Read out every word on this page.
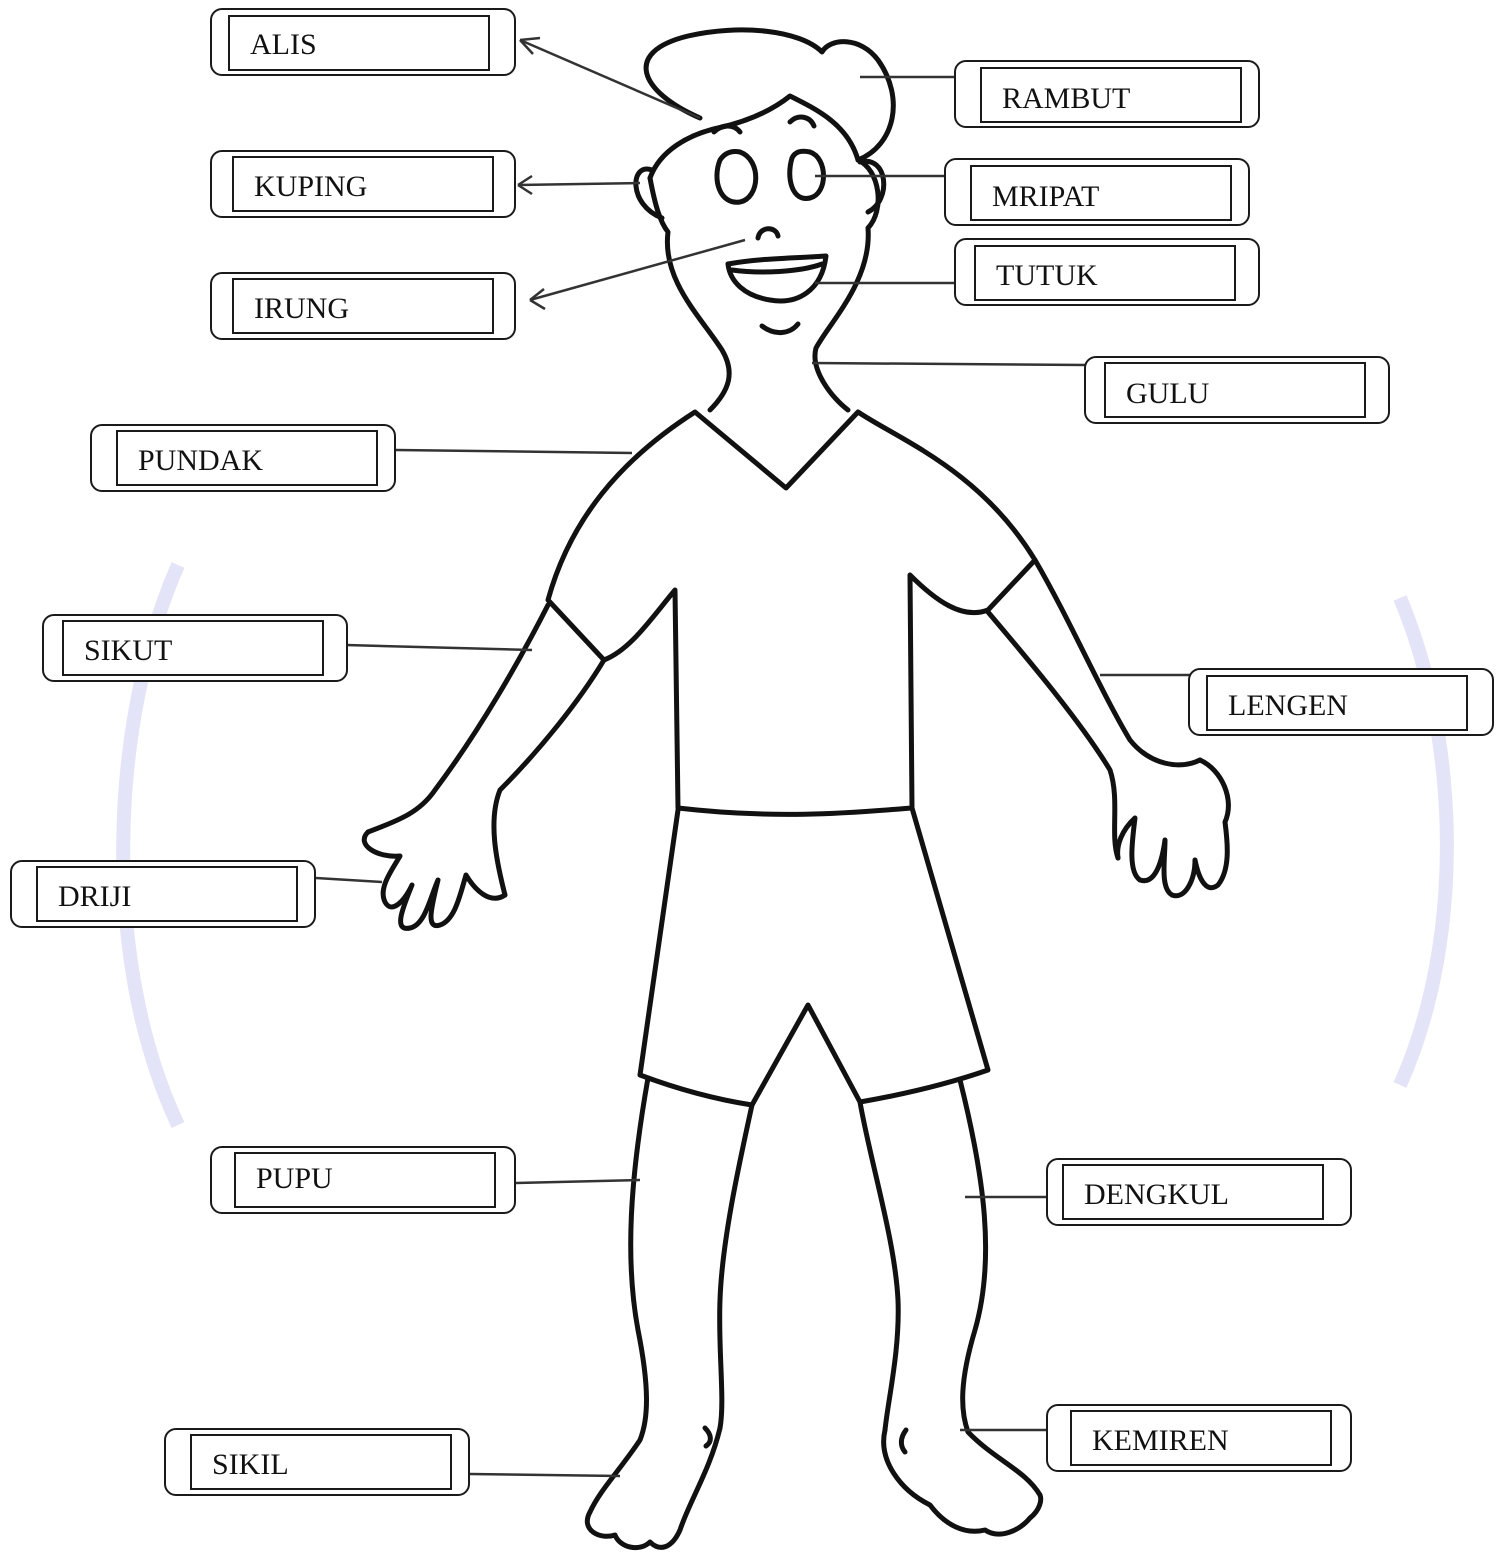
ALIS
RAMBUT
KUPING	MRIPAT
IRUNG
TUTUK
GULU
PUNDAK
SIKUT
LENGEN
DRIJI
PUPU	DENGKUL
SIKIL
KEMIREN
